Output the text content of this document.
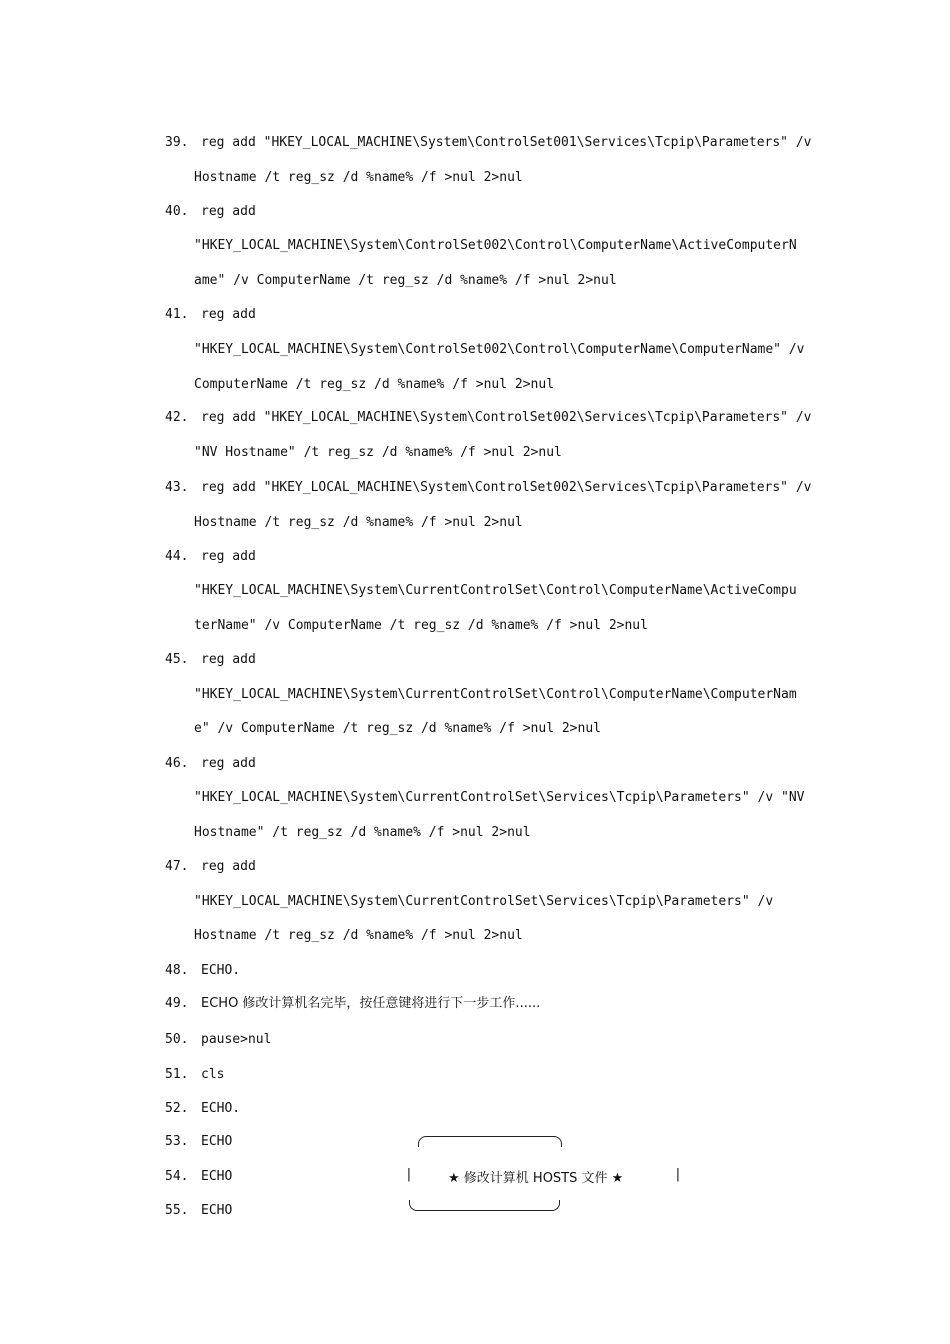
39. reg add "HKEY_LOCAL_MACHINE\System\ControlSet001\Services\Tcpip\Parameters" /v
Hostname /t reg_sz /d %name% /f >nul 2>nul
40. reg add
"HKEY_LOCAL_MACHINE\System\ControlSet002\Control\ComputerName\ActiveComputerN
ame" /v ComputerName /t reg_sz /d %name% /f >nul 2>nul
41. reg add
"HKEY_LOCAL_MACHINE\System\ControlSet002\Control\ComputerName\ComputerName" /v
ComputerName /t reg_sz /d %name% /f >nul 2>nul
42. reg add "HKEY_LOCAL_MACHINE\System\ControlSet002\Services\Tcpip\Parameters" /v
"NV Hostname" /t reg_sz /d %name% /f >nul 2>nul
43. reg add "HKEY_LOCAL_MACHINE\System\ControlSet002\Services\Tcpip\Parameters" /v
Hostname /t reg_sz /d %name% /f >nul 2>nul
44. reg add
"HKEY_LOCAL_MACHINE\System\CurrentControlSet\Control\ComputerName\ActiveCompu
terName" /v ComputerName /t reg_sz /d %name% /f >nul 2>nul
45. reg add
"HKEY_LOCAL_MACHINE\System\CurrentControlSet\Control\ComputerName\ComputerNam
e" /v ComputerName /t reg_sz /d %name% /f >nul 2>nul
46. reg add
"HKEY_LOCAL_MACHINE\System\CurrentControlSet\Services\Tcpip\Parameters" /v "NV
Hostname" /t reg_sz /d %name% /f >nul 2>nul
47. reg add
"HKEY_LOCAL_MACHINE\System\CurrentControlSet\Services\Tcpip\Parameters" /v
Hostname /t reg_sz /d %name% /f >nul 2>nul
48. ECHO.
49. ECHO 修改计算机名完毕，按任意键将进行下一步工作......
50. pause>nul
51. cls
52. ECHO.
53. ECHO
54. ECHO
55. ECHO
|	★ 修改计算机 HOSTS 文件 ★	|
